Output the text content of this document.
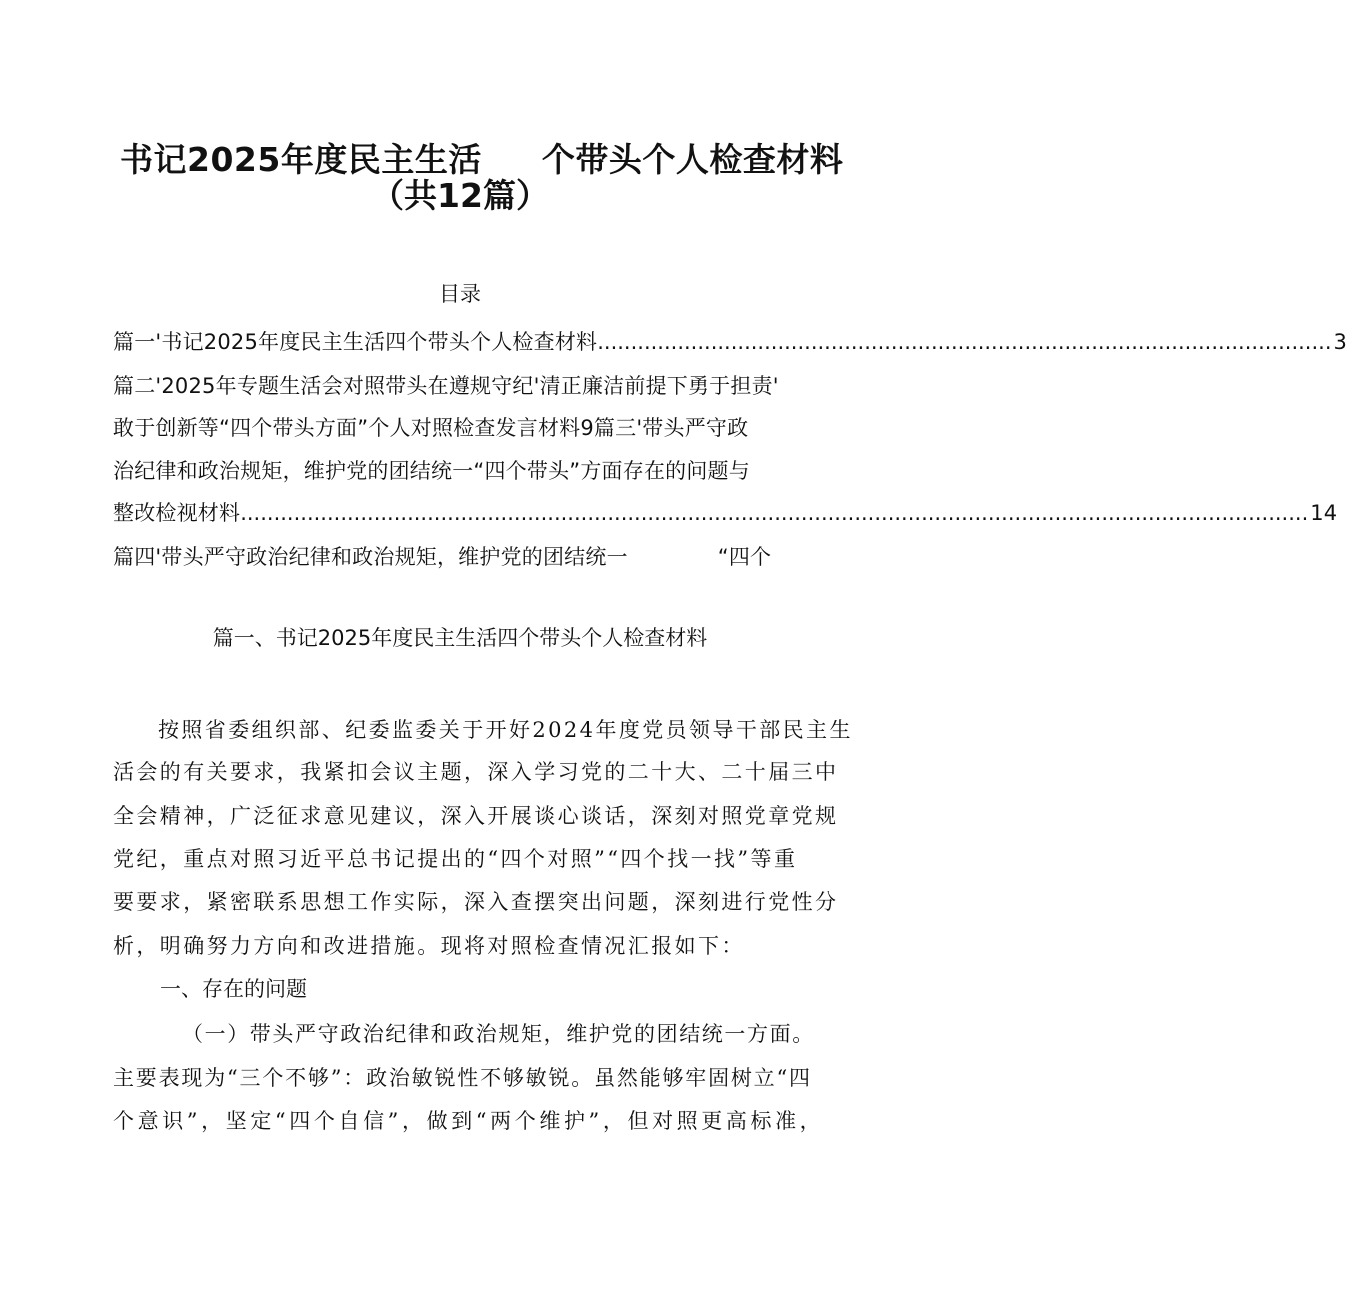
书记2025年度民主生活 个带头个人检查材料
（共12篇）
目录
篇一'书记2025年度民主生活四个带头个人检查材料 .............................................................................................................. 3
篇二'2025年专题生活会对照带头在遵规守纪'清正廉洁前提下勇于担责'
敢于创新等“四个带头方面”个人对照检查发言材料9篇三'带头严守政
治纪律和政治规矩，维护党的团结统一“四个带头”方面存在的问题与
整改检视材料 ................................................................................................................................................................ 14
篇四'带头严守政治纪律和政治规矩，维护党的团结统一	“四个
篇一、书记2025年度民主生活四个带头个人检查材料
按照省委组织部、纪委监委关于开好2024年度党员领导干部民主生
活会的有关要求，我紧扣会议主题，深入学习党的二十大、二十届三中
全会精神，广泛征求意见建议，深入开展谈心谈话，深刻对照党章党规
党纪，重点对照习近平总书记提出的“四个对照”“四个找一找”等重
要要求，紧密联系思想工作实际，深入查摆突出问题，深刻进行党性分
析，明确努力方向和改进措施。现将对照检查情况汇报如下：
一、存在的问题
（一）带头严守政治纪律和政治规矩，维护党的团结统一方面。
主要表现为“三个不够”：政治敏锐性不够敏锐。虽然能够牢固树立“四
个意识”，坚定“四个自信”，做到“两个维护”，但对照更高标准，
